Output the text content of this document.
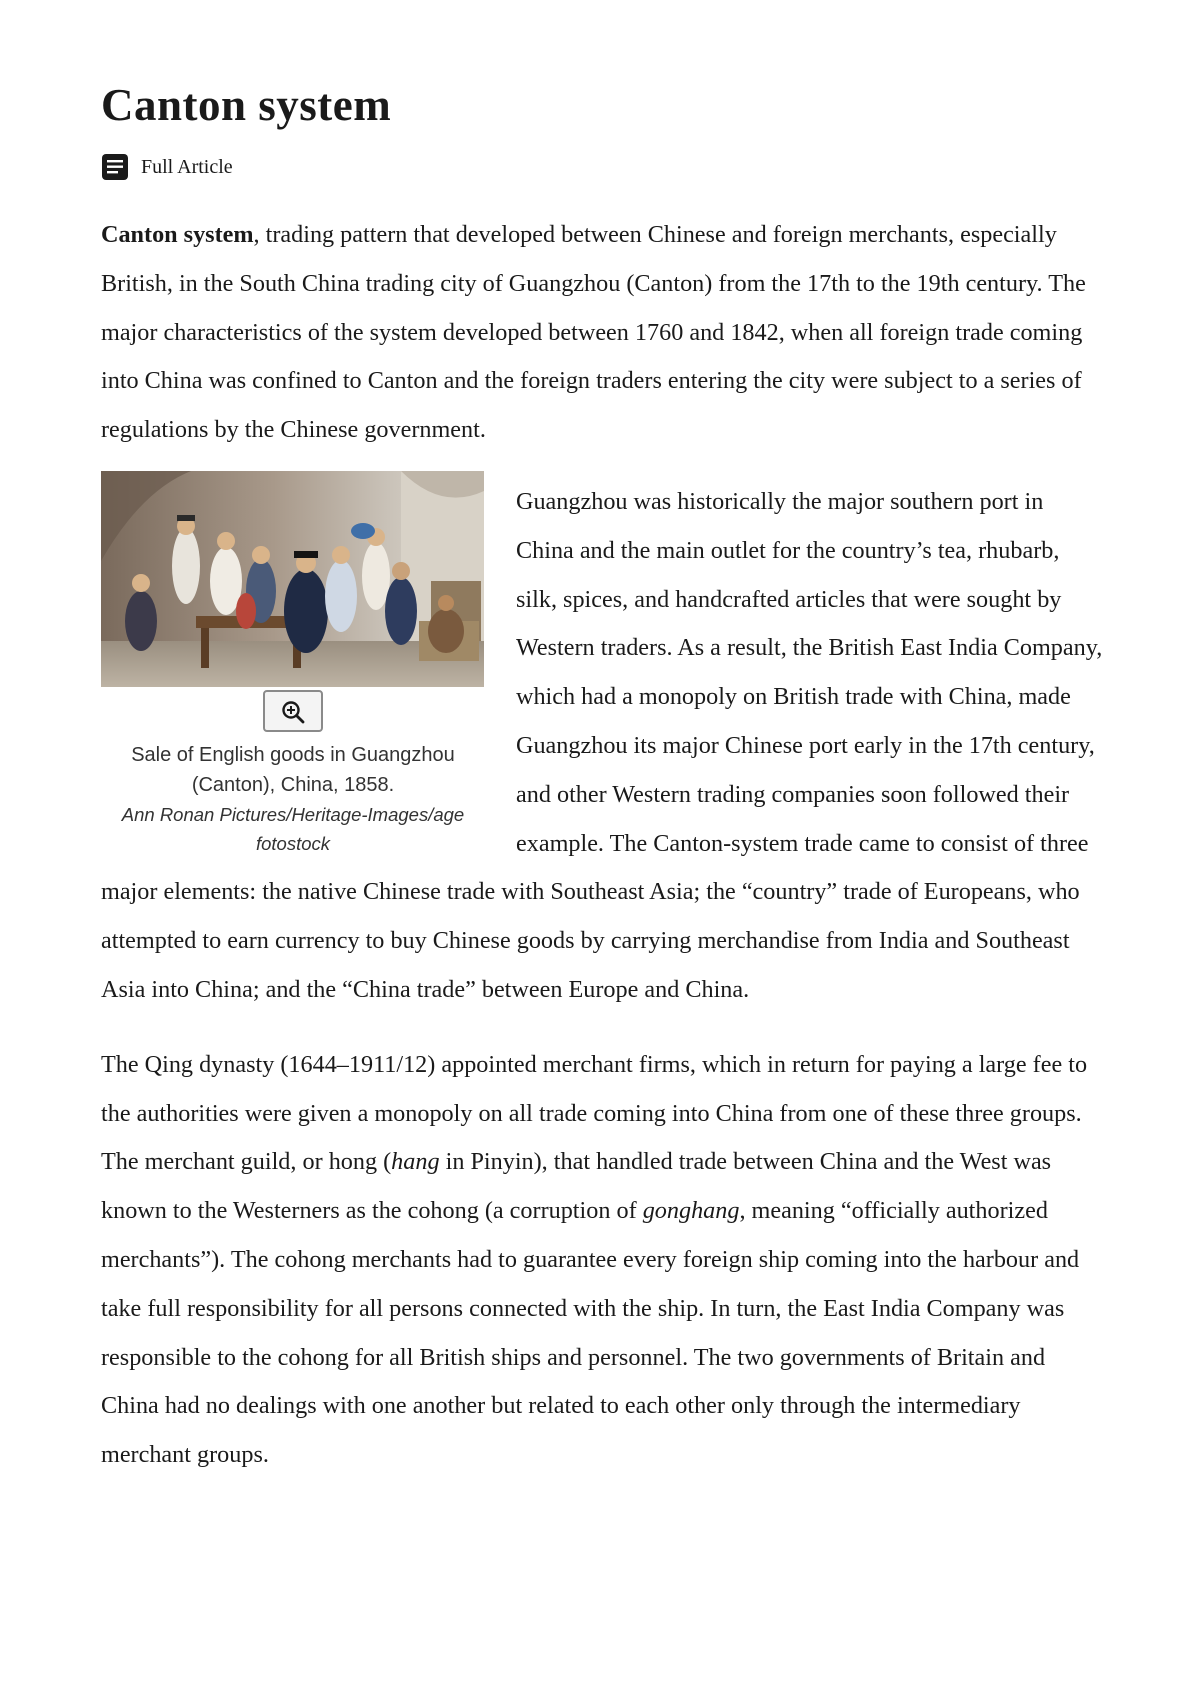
Canton system
Full Article

Canton system, trading pattern that developed between Chinese and foreign merchants, especially British, in the South China trading city of Guangzhou (Canton) from the 17th to the 19th century. The major characteristics of the system developed between 1760 and 1842, when all foreign trade coming into China was confined to Canton and the foreign traders entering the city were subject to a series of regulations by the Chinese government.

Sale of English goods in Guangzhou (Canton), China, 1858.
Ann Ronan Pictures/Heritage-Images/age fotostock

Guangzhou was historically the major southern port in China and the main outlet for the country’s tea, rhubarb, silk, spices, and handcrafted articles that were sought by Western traders. As a result, the British East India Company, which had a monopoly on British trade with China, made Guangzhou its major Chinese port early in the 17th century, and other Western trading companies soon followed their example. The Canton-system trade came to consist of three major elements: the native Chinese trade with Southeast Asia; the “country” trade of Europeans, who attempted to earn currency to buy Chinese goods by carrying merchandise from India and Southeast Asia into China; and the “China trade” between Europe and China.

The Qing dynasty (1644–1911/12) appointed merchant firms, which in return for paying a large fee to the authorities were given a monopoly on all trade coming into China from one of these three groups. The merchant guild, or hong (hang in Pinyin), that handled trade between China and the West was known to the Westerners as the cohong (a corruption of gonghang, meaning “officially authorized merchants”). The cohong merchants had to guarantee every foreign ship coming into the harbour and take full responsibility for all persons connected with the ship. In turn, the East India Company was responsible to the cohong for all British ships and personnel. The two governments of Britain and China had no dealings with one another but related to each other only through the intermediary merchant groups.
